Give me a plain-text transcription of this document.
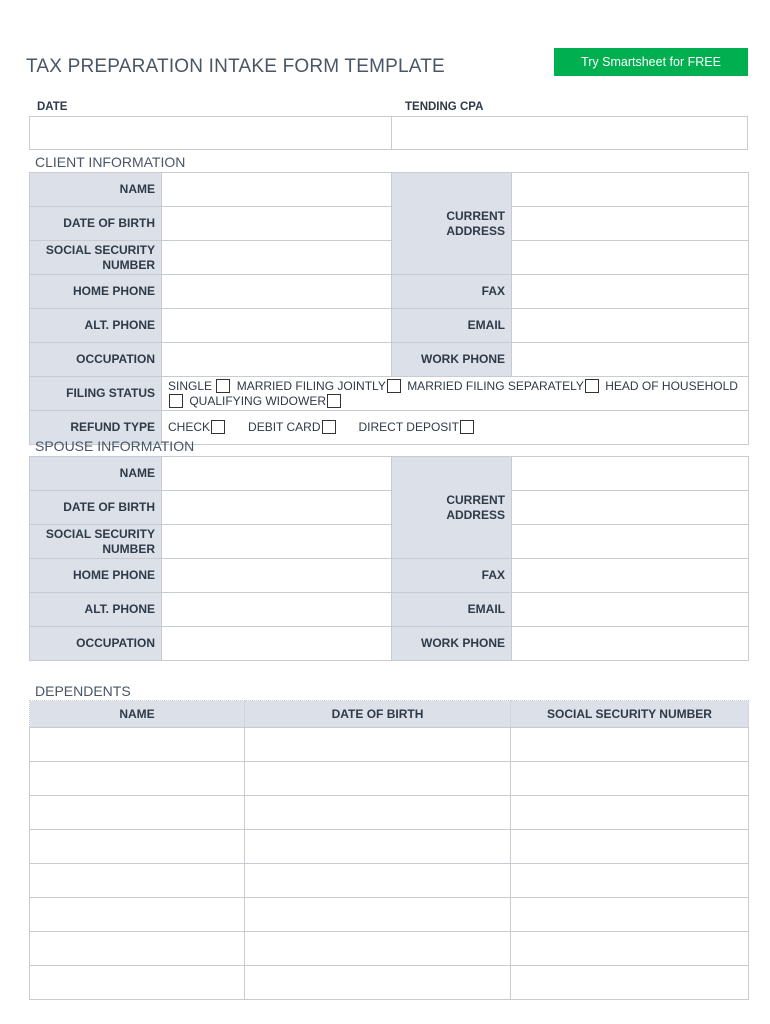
TAX PREPARATION INTAKE FORM TEMPLATE	Try Smartsheet for FREE
DATE	TENDING CPA
CLIENT INFORMATION
NAME		CURRENT ADDRESS	
DATE OF BIRTH			
SOCIAL SECURITY NUMBER			
HOME PHONE		FAX	
ALT. PHONE		EMAIL	
OCCUPATION		WORK PHONE	
FILING STATUS	SINGLE MARRIED FILING JOINTLY MARRIED FILING SEPARATELY HEAD OF HOUSEHOLD QUALIFYING WIDOWER		
REFUND TYPE	CHECK DEBIT CARD DIRECT DEPOSIT		
SPOUSE INFORMATION
NAME		CURRENT ADDRESS	
DATE OF BIRTH			
SOCIAL SECURITY NUMBER			
HOME PHONE		FAX	
ALT. PHONE		EMAIL	
OCCUPATION		WORK PHONE	
DEPENDENTS
NAME	DATE OF BIRTH	SOCIAL SECURITY NUMBER
